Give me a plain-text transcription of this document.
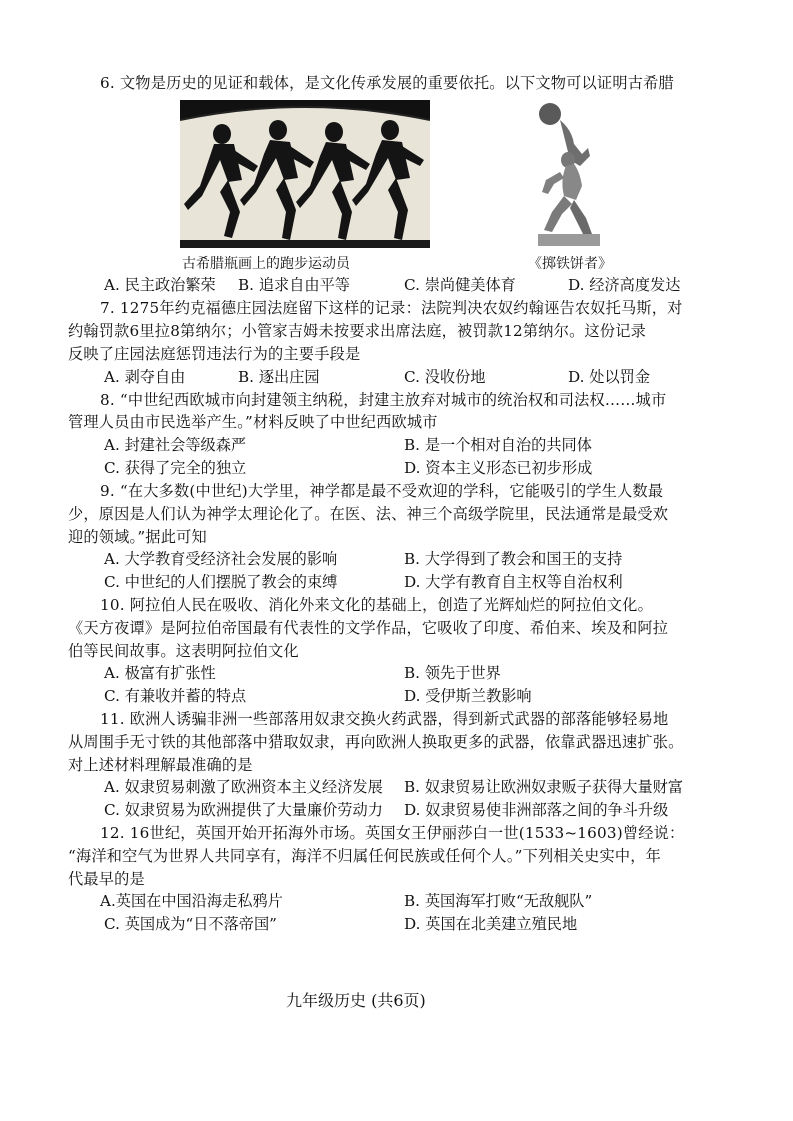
6. 文物是历史的见证和载体，是文化传承发展的重要依托。以下文物可以证明古希腊
古希腊瓶画上的跑步运动员	《掷铁饼者》
A. 民主政治繁荣 B. 追求自由平等	C. 崇尚健美体育	D. 经济高度发达
7. 1275年约克福德庄园法庭留下这样的记录：法院判决农奴约翰诬告农奴托马斯，对
约翰罚款6里拉8第纳尔；小管家吉姆未按要求出席法庭，被罚款12第纳尔。这份记录
反映了庄园法庭惩罚违法行为的主要手段是
A. 剥夺自由	B. 逐出庄园	C. 没收份地	D. 处以罚金
8. “中世纪西欧城市向封建领主纳税，封建主放弃对城市的统治权和司法权……城市
管理人员由市民选举产生。”材料反映了中世纪西欧城市
A. 封建社会等级森严	B. 是一个相对自治的共同体
C. 获得了完全的独立	D. 资本主义形态已初步形成
9. “在大多数(中世纪)大学里，神学都是最不受欢迎的学科，它能吸引的学生人数最
少，原因是人们认为神学太理论化了。在医、法、神三个高级学院里，民法通常是最受欢
迎的领域。”据此可知
A. 大学教育受经济社会发展的影响	B. 大学得到了教会和国王的支持
C. 中世纪的人们摆脱了教会的束缚	D. 大学有教育自主权等自治权利
10. 阿拉伯人民在吸收、消化外来文化的基础上，创造了光辉灿烂的阿拉伯文化。
《天方夜谭》是阿拉伯帝国最有代表性的文学作品，它吸收了印度、希伯来、埃及和阿拉
伯等民间故事。这表明阿拉伯文化
A. 极富有扩张性	B. 领先于世界
C. 有兼收并蓄的特点	D. 受伊斯兰教影响
11. 欧洲人诱骗非洲一些部落用奴隶交换火药武器，得到新式武器的部落能够轻易地
从周围手无寸铁的其他部落中猎取奴隶，再向欧洲人换取更多的武器，依靠武器迅速扩张。
对上述材料理解最准确的是
A. 奴隶贸易刺激了欧洲资本主义经济发展 B. 奴隶贸易让欧洲奴隶贩子获得大量财富
C. 奴隶贸易为欧洲提供了大量廉价劳动力 D. 奴隶贸易使非洲部落之间的争斗升级
12. 16世纪，英国开始开拓海外市场。英国女王伊丽莎白一世(1533~1603)曾经说：
“海洋和空气为世界人共同享有，海洋不归属任何民族或任何个人。”下列相关史实中，年
代最早的是
A.英国在中国沿海走私鸦片	B. 英国海军打败“无敌舰队”
C. 英国成为“日不落帝国”	D. 英国在北美建立殖民地
九年级历史 (共6页)
